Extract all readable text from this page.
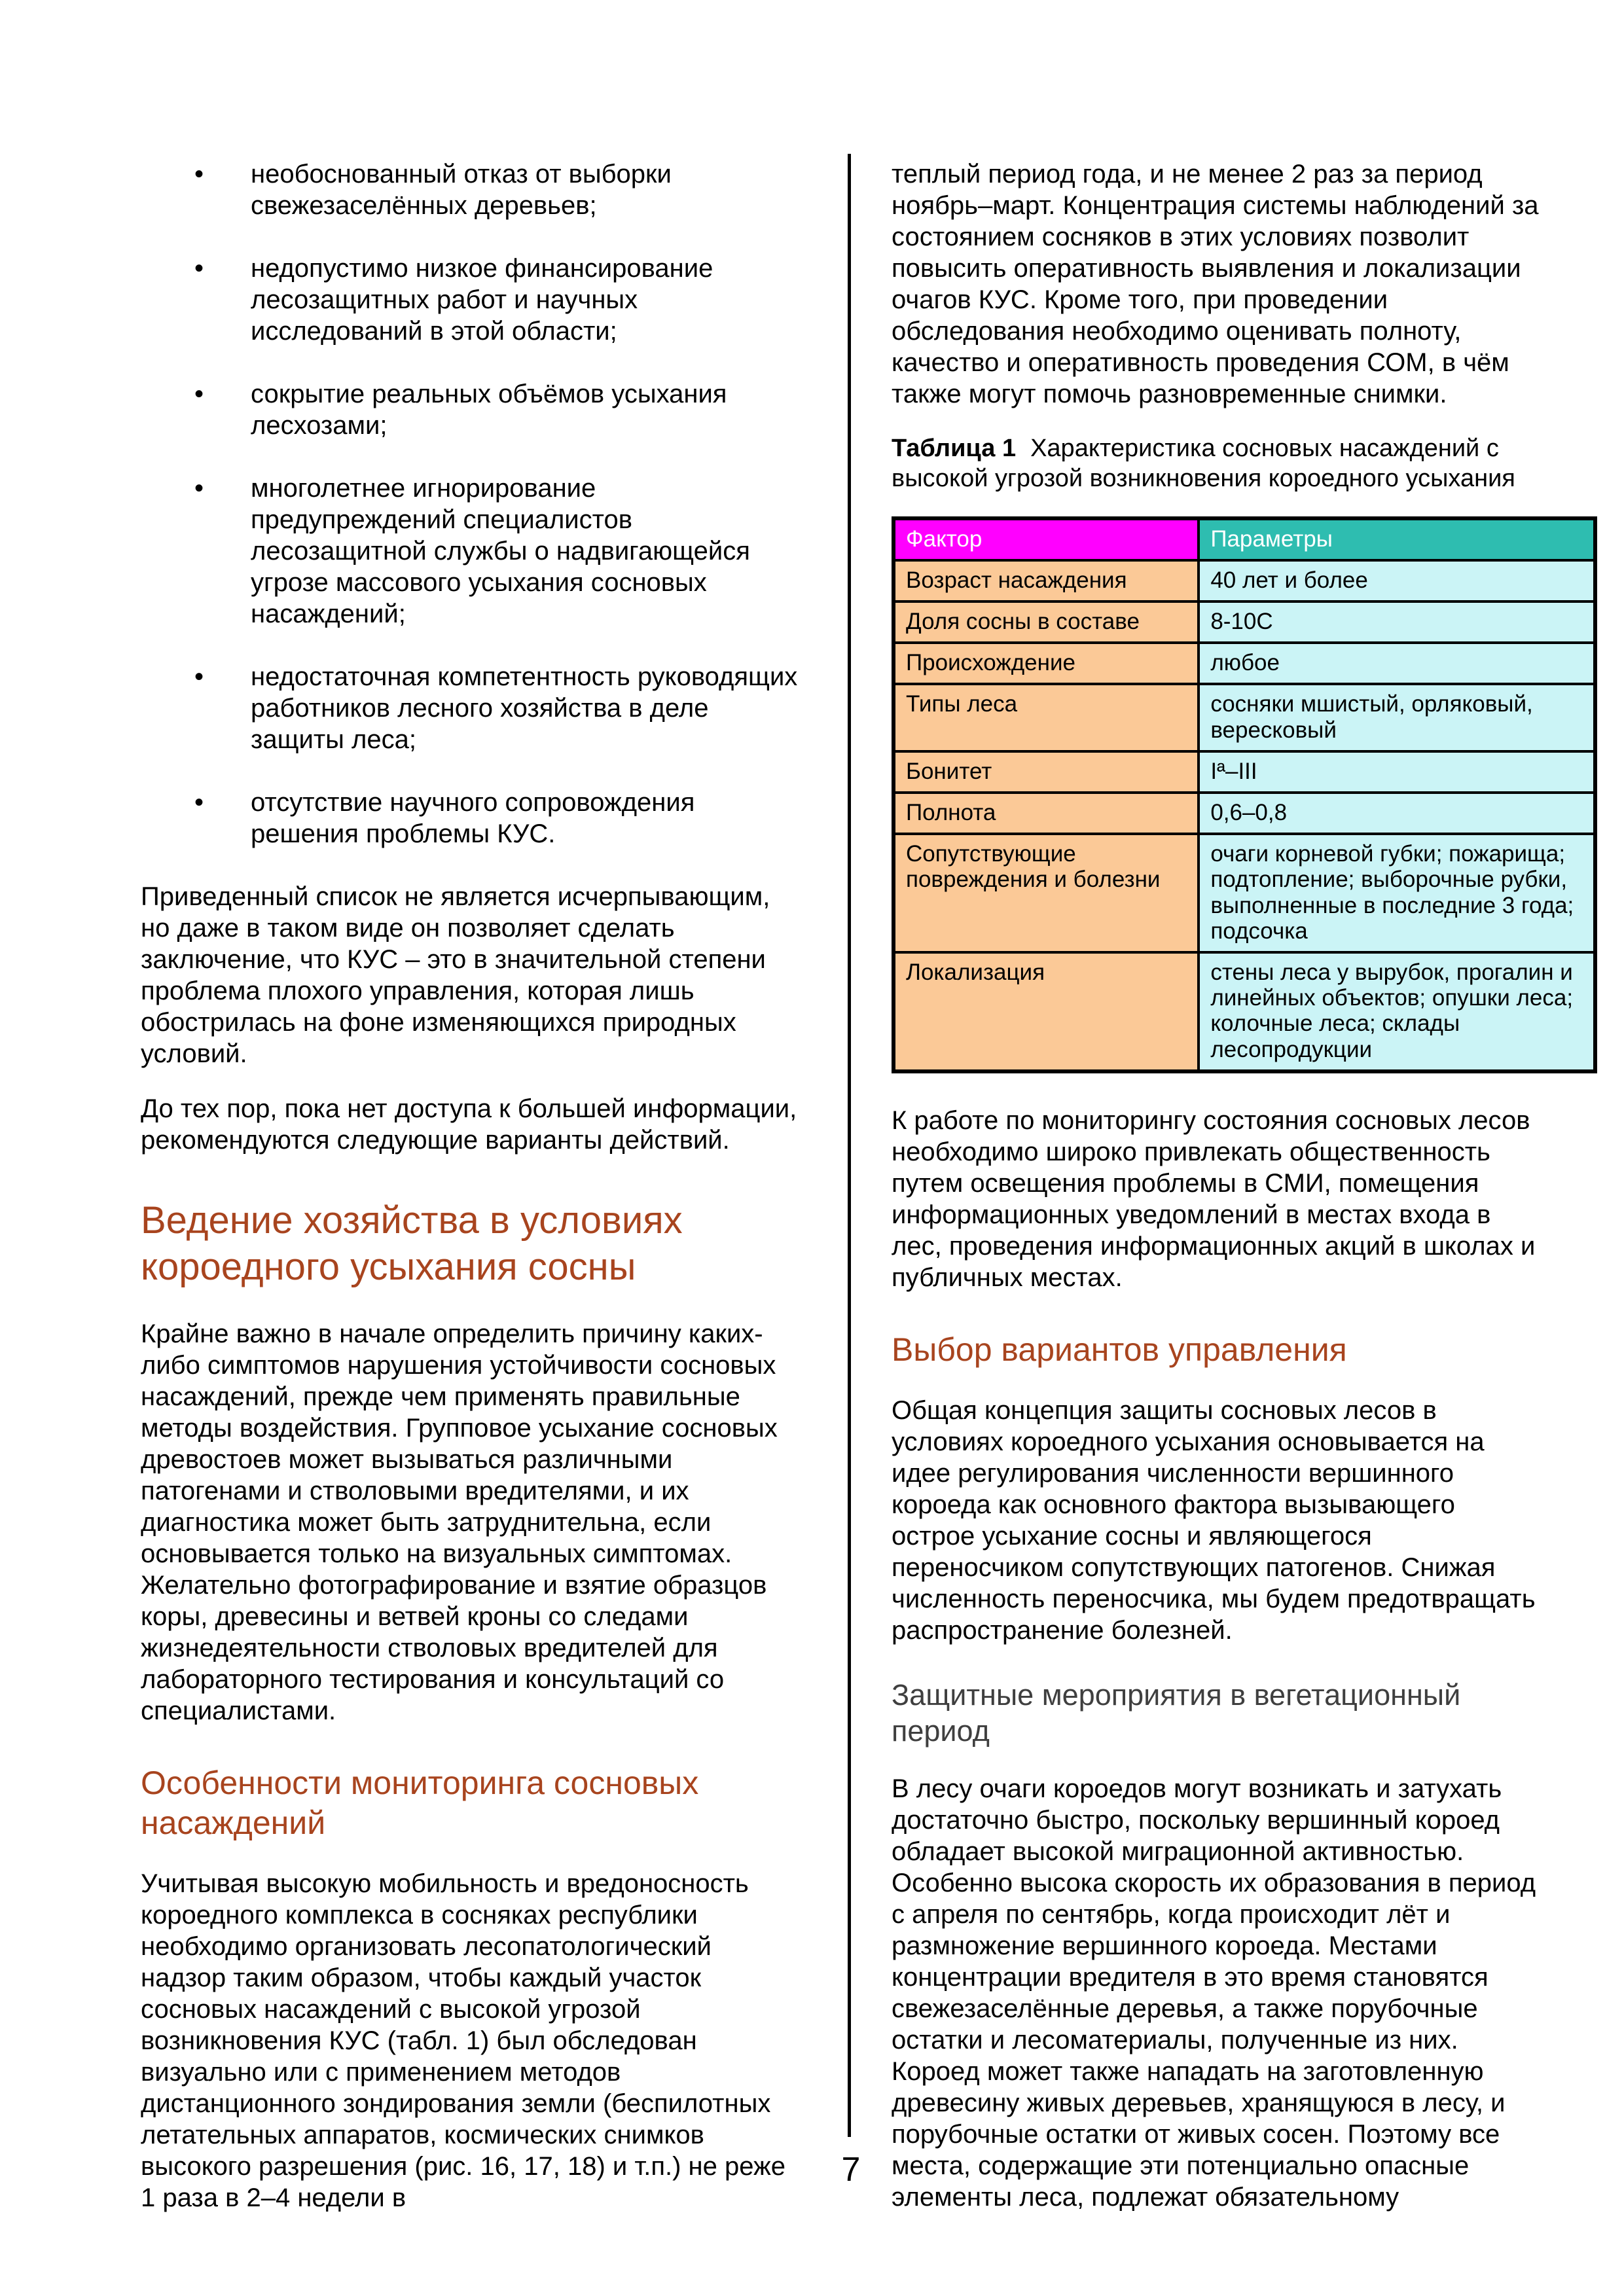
• необоснованный отказ от выборки свежезаселённых деревьев;
• недопустимо низкое финансирование лесозащитных работ и научных исследований в этой области;
• сокрытие реальных объёмов усыхания лесхозами;
• многолетнее игнорирование предупреждений специалистов лесозащитной службы о надвигающейся угрозе массового усыхания сосновых насаждений;
• недостаточная компетентность руководящих работников лесного хозяйства в деле защиты леса;
• отсутствие научного сопровождения решения проблемы КУС.

Приведенный список не является исчерпывающим, но даже в таком виде он позволяет сделать заключение, что КУС – это в значительной степени проблема плохого управления, которая лишь обострилась на фоне изменяющихся природных условий.

До тех пор, пока нет доступа к большей информации, рекомендуются следующие варианты действий.

Ведение хозяйства в условиях короедного усыхания сосны

Крайне важно в начале определить причину каких-либо симптомов нарушения устойчивости сосновых насаждений, прежде чем применять правильные методы воздействия. Групповое усыхание сосновых древостоев может вызываться различными патогенами и стволовыми вредителями, и их диагностика может быть затруднительна, если основывается только на визуальных симптомах. Желательно фотографирование и взятие образцов коры, древесины и ветвей кроны со следами жизнедеятельности стволовых вредителей для лабораторного тестирования и консультаций со специалистами.

Особенности мониторинга сосновых насаждений

Учитывая высокую мобильность и вредоносность короедного комплекса в сосняках республики необходимо организовать лесопатологический надзор таким образом, чтобы каждый участок сосновых насаждений с высокой угрозой возникновения КУС (табл. 1) был обследован визуально или с применением методов дистанционного зондирования земли (беспилотных летательных аппаратов, космических снимков высокого разрешения (рис. 16, 17, 18) и т.п.) не реже 1 раза в 2–4 недели в

теплый период года, и не менее 2 раз за период ноябрь–март. Концентрация системы наблюдений за состоянием сосняков в этих условиях позволит повысить оперативность выявления и локализации очагов КУС. Кроме того, при проведении обследования необходимо оценивать полноту, качество и оперативность проведения СОМ, в чём также могут помочь разновременные снимки.

Таблица 1 Характеристика сосновых насаждений с высокой угрозой возникновения короедного усыхания

Фактор	Параметры
Возраст насаждения	40 лет и более
Доля сосны в составе	8-10С
Происхождение	любое
Типы леса	сосняки мшистый, орляковый, вересковый
Бонитет	Iª–III
Полнота	0,6–0,8
Сопутствующие повреждения и болезни	очаги корневой губки; пожарища; подтопление; выборочные рубки, выполненные в последние 3 года; подсочка
Локализация	стены леса у вырубок, прогалин и линейных объектов; опушки леса; колочные леса; склады лесопродукции

К работе по мониторингу состояния сосновых лесов необходимо широко привлекать общественность путем освещения проблемы в СМИ, помещения информационных уведомлений в местах входа в лес, проведения информационных акций в школах и публичных местах.

Выбор вариантов управления

Общая концепция защиты сосновых лесов в условиях короедного усыхания основывается на идее регулирования численности вершинного короеда как основного фактора вызывающего острое усыхание сосны и являющегося переносчиком сопутствующих патогенов. Снижая численность переносчика, мы будем предотвращать распространение болезней.

Защитные мероприятия в вегетационный период

В лесу очаги короедов могут возникать и затухать достаточно быстро, поскольку вершинный короед обладает высокой миграционной активностью. Особенно высока скорость их образования в период с апреля по сентябрь, когда происходит лёт и размножение вершинного короеда. Местами концентрации вредителя в это время становятся свежезаселённые деревья, а также порубочные остатки и лесоматериалы, полученные из них. Короед может также нападать на заготовленную древесину живых деревьев, хранящуюся в лесу, и порубочные остатки от живых сосен. Поэтому все места, содержащие эти потенциально опасные элементы леса, подлежат обязательному

7
